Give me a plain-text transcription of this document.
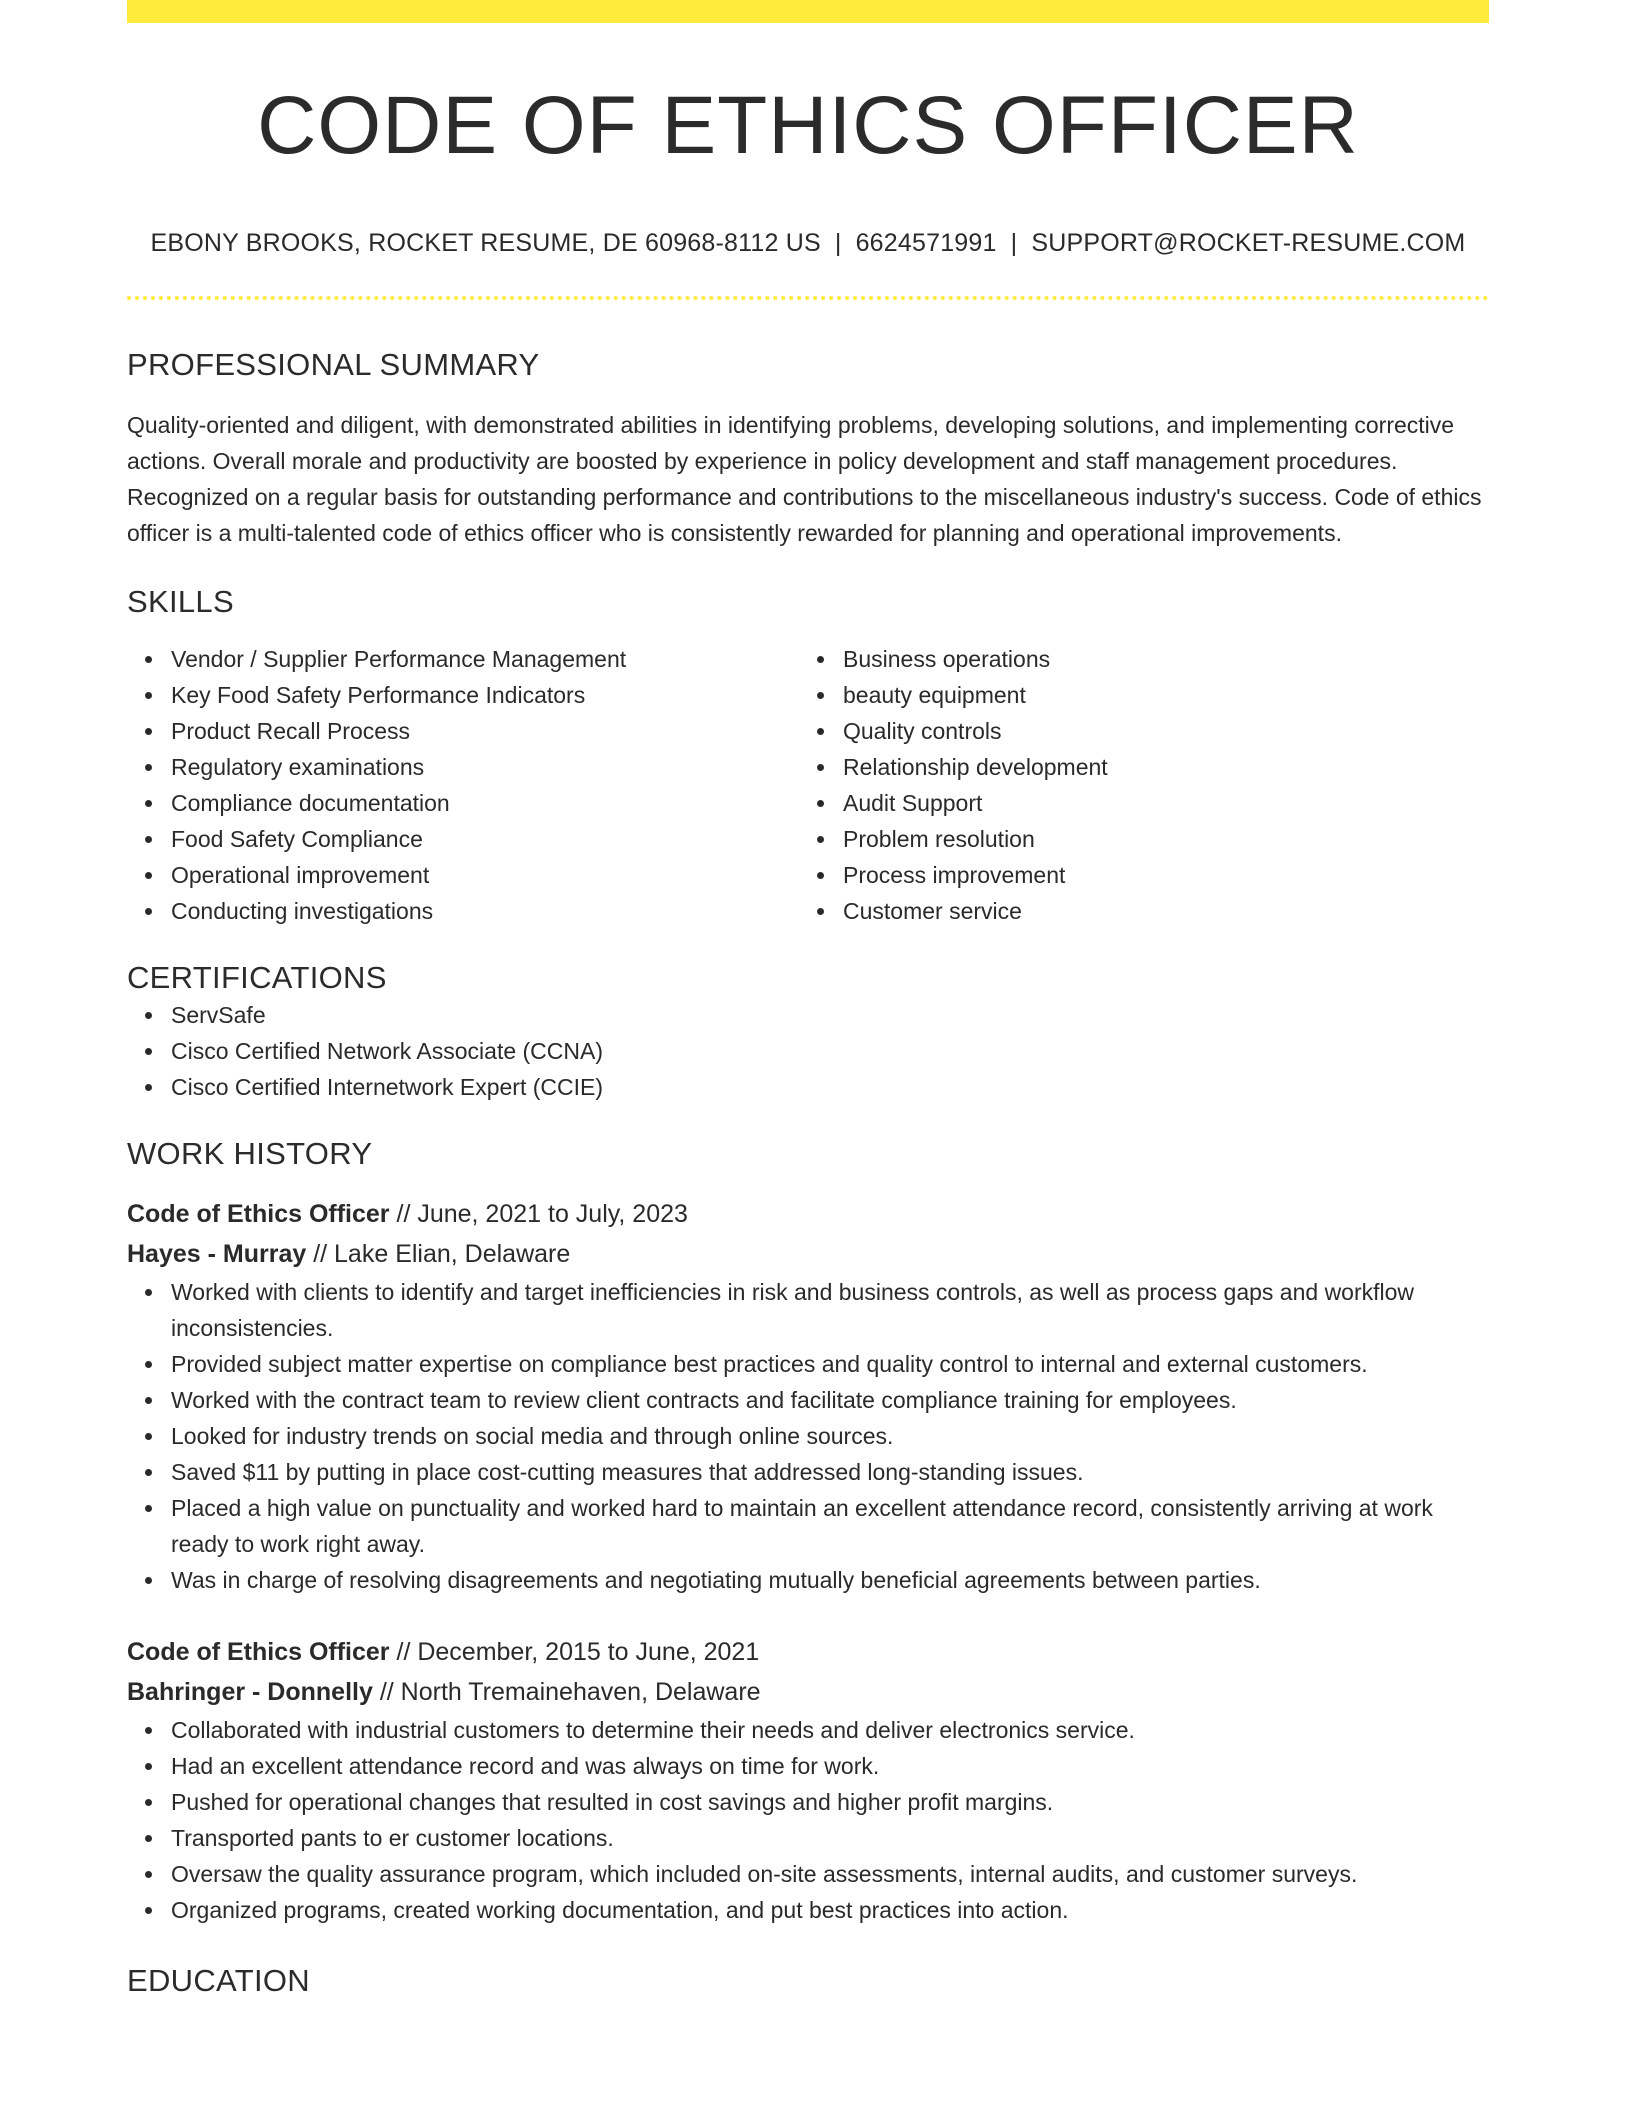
CODE OF ETHICS OFFICER
EBONY BROOKS, ROCKET RESUME, DE 60968-8112 US | 6624571991 | SUPPORT@ROCKET-RESUME.COM
PROFESSIONAL SUMMARY

Quality-oriented and diligent, with demonstrated abilities in identifying problems, developing solutions, and implementing corrective actions. Overall morale and productivity are boosted by experience in policy development and staff management procedures. Recognized on a regular basis for outstanding performance and contributions to the miscellaneous industry's success. Code of ethics officer is a multi-talented code of ethics officer who is consistently rewarded for planning and operational improvements.

SKILLS
Vendor / Supplier Performance Management
Key Food Safety Performance Indicators
Product Recall Process
Regulatory examinations
Compliance documentation
Food Safety Compliance
Operational improvement
Conducting investigations
Business operations
beauty equipment
Quality controls
Relationship development
Audit Support
Problem resolution
Process improvement
Customer service
CERTIFICATIONS
ServSafe
Cisco Certified Network Associate (CCNA)
Cisco Certified Internetwork Expert (CCIE)
WORK HISTORY
Code of Ethics Officer // June, 2021 to July, 2023
Hayes - Murray // Lake Elian, Delaware
Worked with clients to identify and target inefficiencies in risk and business controls, as well as process gaps and workflow inconsistencies.
Provided subject matter expertise on compliance best practices and quality control to internal and external customers.
Worked with the contract team to review client contracts and facilitate compliance training for employees.
Looked for industry trends on social media and through online sources.
Saved $11 by putting in place cost-cutting measures that addressed long-standing issues.
Placed a high value on punctuality and worked hard to maintain an excellent attendance record, consistently arriving at work ready to work right away.
Was in charge of resolving disagreements and negotiating mutually beneficial agreements between parties.
Code of Ethics Officer // December, 2015 to June, 2021
Bahringer - Donnelly // North Tremainehaven, Delaware
Collaborated with industrial customers to determine their needs and deliver electronics service.
Had an excellent attendance record and was always on time for work.
Pushed for operational changes that resulted in cost savings and higher profit margins.
Transported pants to er customer locations.
Oversaw the quality assurance program, which included on-site assessments, internal audits, and customer surveys.
Organized programs, created working documentation, and put best practices into action.
EDUCATION
